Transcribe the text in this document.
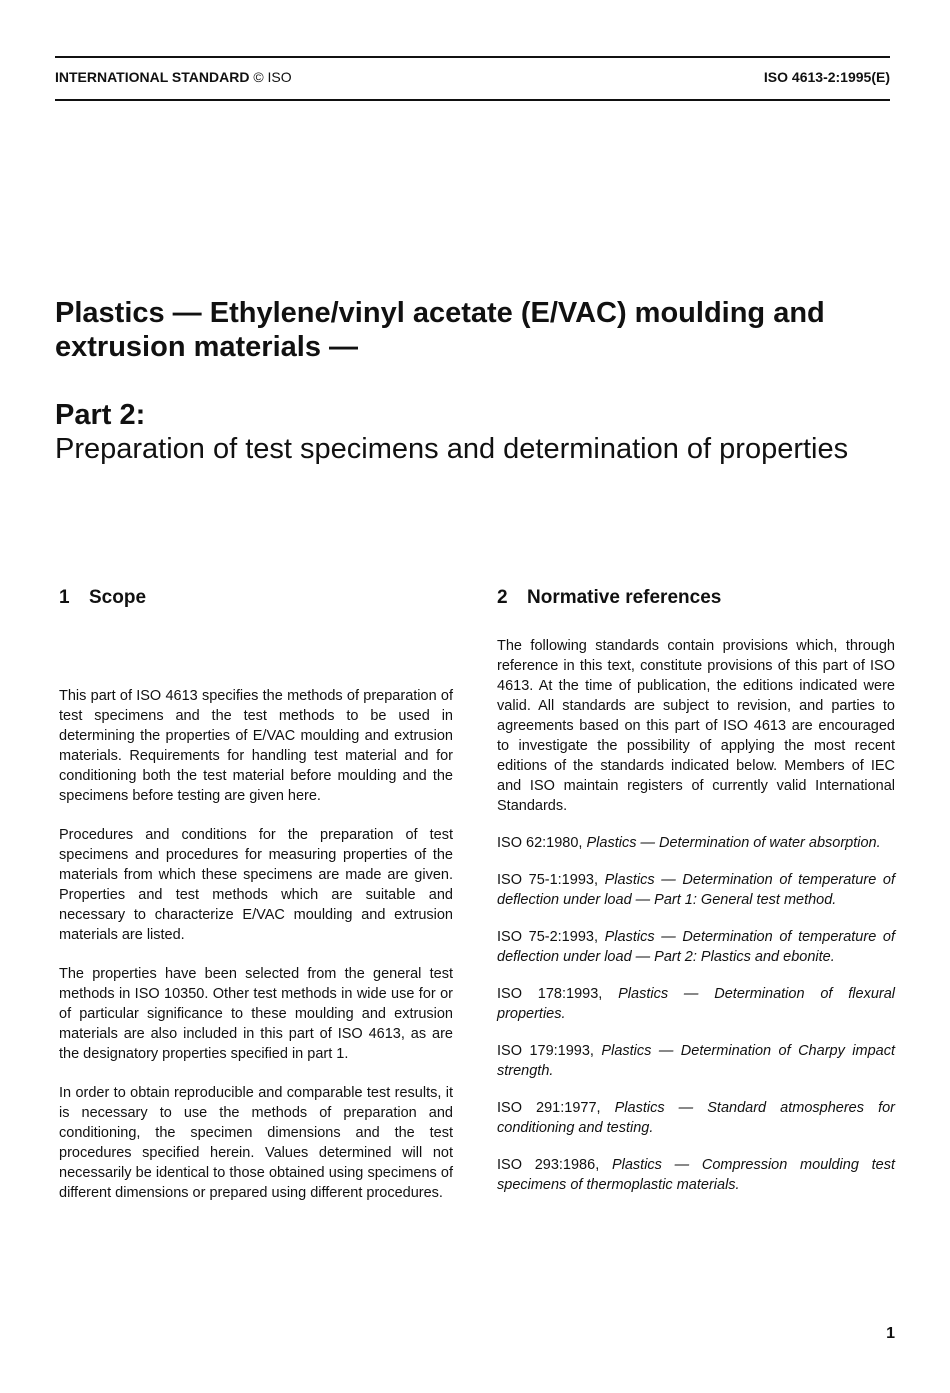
INTERNATIONAL STANDARD © ISO	ISO 4613-2:1995(E)
Plastics — Ethylene/vinyl acetate (E/VAC) moulding and extrusion materials —
Part 2:
Preparation of test specimens and determination of properties
1 Scope

This part of ISO 4613 specifies the methods of preparation of test specimens and the test methods to be used in determining the properties of E/VAC moulding and extrusion materials. Requirements for handling test material and for conditioning both the test material before moulding and the specimens before testing are given here.

Procedures and conditions for the preparation of test specimens and procedures for measuring properties of the materials from which these specimens are made are given. Properties and test methods which are suitable and necessary to characterize E/VAC moulding and extrusion materials are listed.

The properties have been selected from the general test methods in ISO 10350. Other test methods in wide use for or of particular significance to these moulding and extrusion materials are also included in this part of ISO 4613, as are the designatory properties specified in part 1.

In order to obtain reproducible and comparable test results, it is necessary to use the methods of preparation and conditioning, the specimen dimensions and the test procedures specified herein. Values determined will not necessarily be identical to those obtained using specimens of different dimensions or prepared using different procedures.

2 Normative references

The following standards contain provisions which, through reference in this text, constitute provisions of this part of ISO 4613. At the time of publication, the editions indicated were valid. All standards are subject to revision, and parties to agreements based on this part of ISO 4613 are encouraged to investigate the possibility of applying the most recent editions of the standards indicated below. Members of IEC and ISO maintain registers of currently valid International Standards.

ISO 62:1980, Plastics — Determination of water absorption.

ISO 75-1:1993, Plastics — Determination of temperature of deflection under load — Part 1: General test method.

ISO 75-2:1993, Plastics — Determination of temperature of deflection under load — Part 2: Plastics and ebonite.

ISO 178:1993, Plastics — Determination of flexural properties.

ISO 179:1993, Plastics — Determination of Charpy impact strength.

ISO 291:1977, Plastics — Standard atmospheres for conditioning and testing.

ISO 293:1986, Plastics — Compression moulding test specimens of thermoplastic materials.

1
